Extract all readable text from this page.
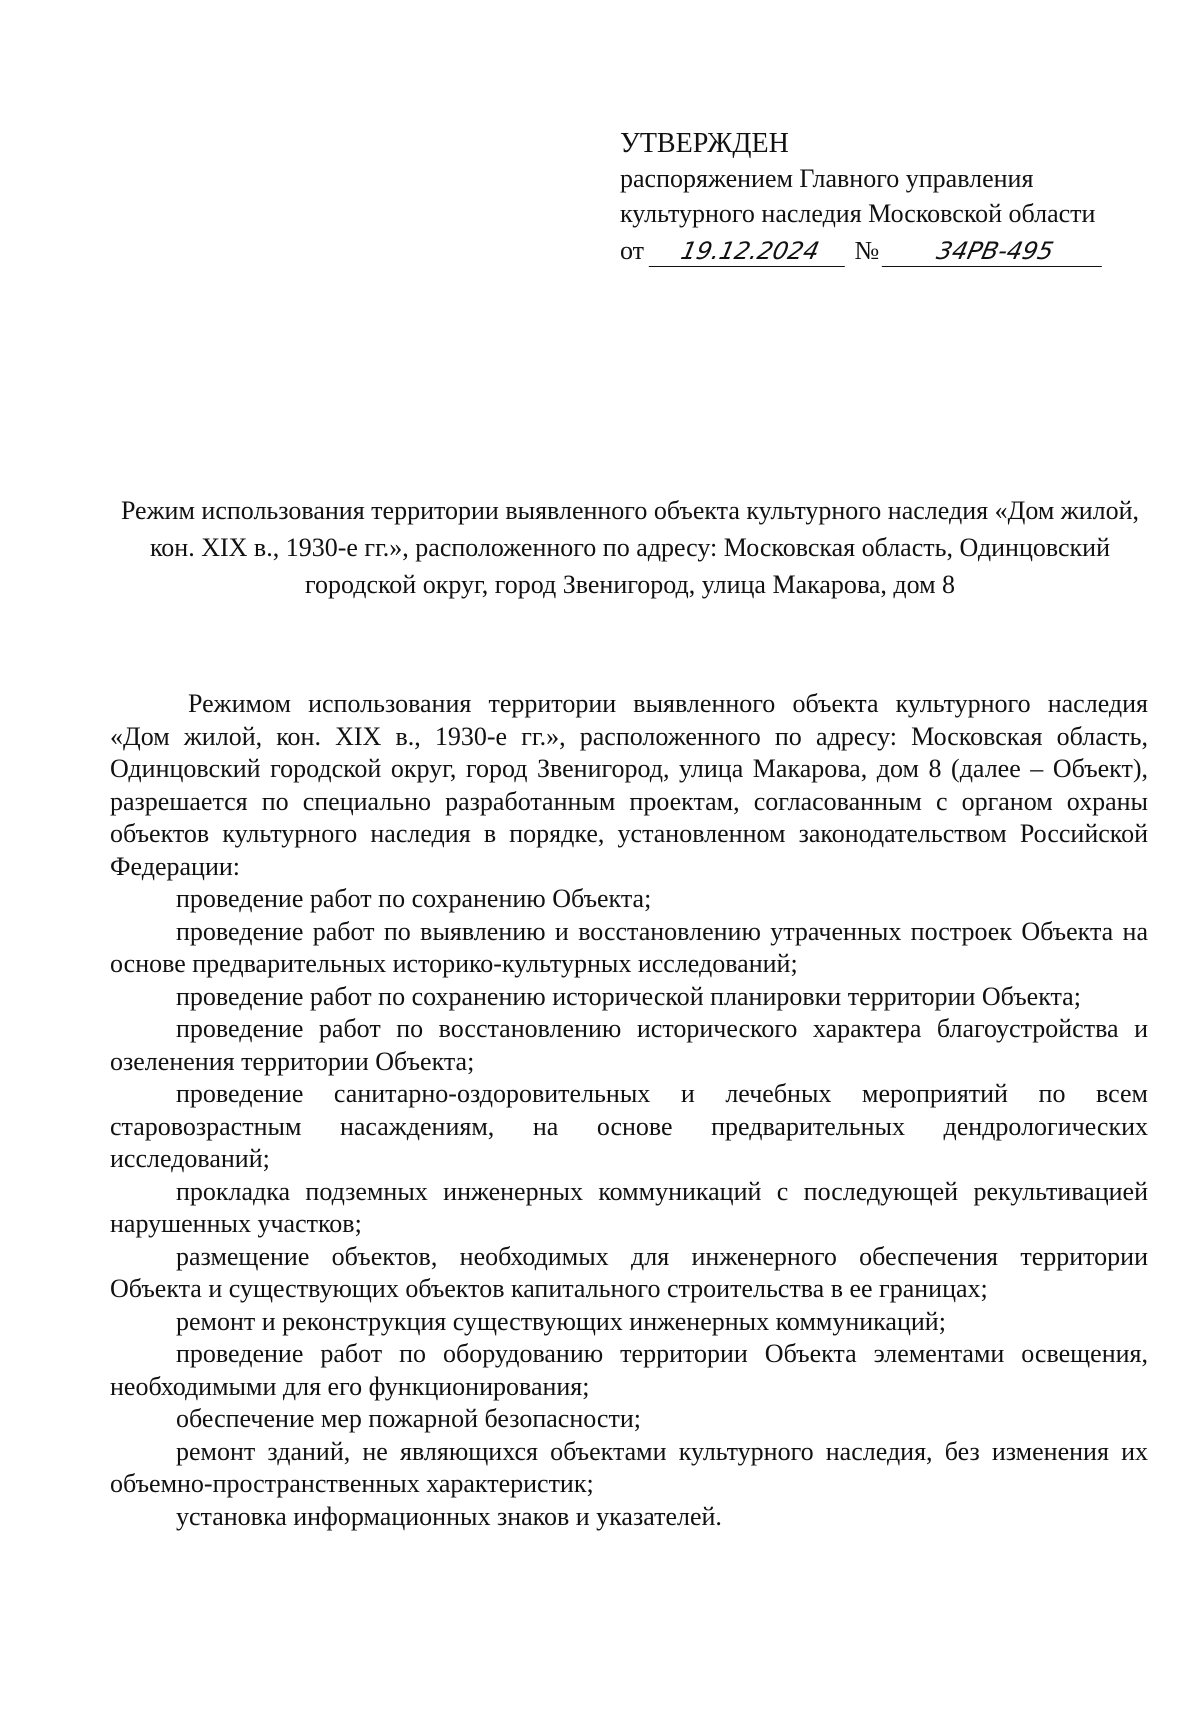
УТВЕРЖДЕН
распоряжением Главного управления
культурного наследия Московской области
от 19.12.2024 № 34РВ-495
Режим использования территории выявленного объекта культурного наследия «Дом жилой, кон. XIX в., 1930-е гг.», расположенного по адресу: Московская область, Одинцовский городской округ, город Звенигород, улица Макарова, дом 8

Режимом использования территории выявленного объекта культурного наследия «Дом жилой, кон. XIX в., 1930-е гг.», расположенного по адресу: Московская область, Одинцовский городской округ, город Звенигород, улица Макарова, дом 8 (далее – Объект), разрешается по специально разработанным проектам, согласованным с органом охраны объектов культурного наследия в порядке, установленном законодательством Российской Федерации:

проведение работ по сохранению Объекта;

проведение работ по выявлению и восстановлению утраченных построек Объекта на основе предварительных историко-культурных исследований;

проведение работ по сохранению исторической планировки территории Объекта;

проведение работ по восстановлению исторического характера благоустройства и озеленения территории Объекта;

проведение санитарно-оздоровительных и лечебных мероприятий по всем старовозрастным насаждениям, на основе предварительных дендрологических исследований;

прокладка подземных инженерных коммуникаций с последующей рекультивацией нарушенных участков;

размещение объектов, необходимых для инженерного обеспечения территории Объекта и существующих объектов капитального строительства в ее границах;

ремонт и реконструкция существующих инженерных коммуникаций;

проведение работ по оборудованию территории Объекта элементами освещения, необходимыми для его функционирования;

обеспечение мер пожарной безопасности;

ремонт зданий, не являющихся объектами культурного наследия, без изменения их объемно-пространственных характеристик;

установка информационных знаков и указателей.
